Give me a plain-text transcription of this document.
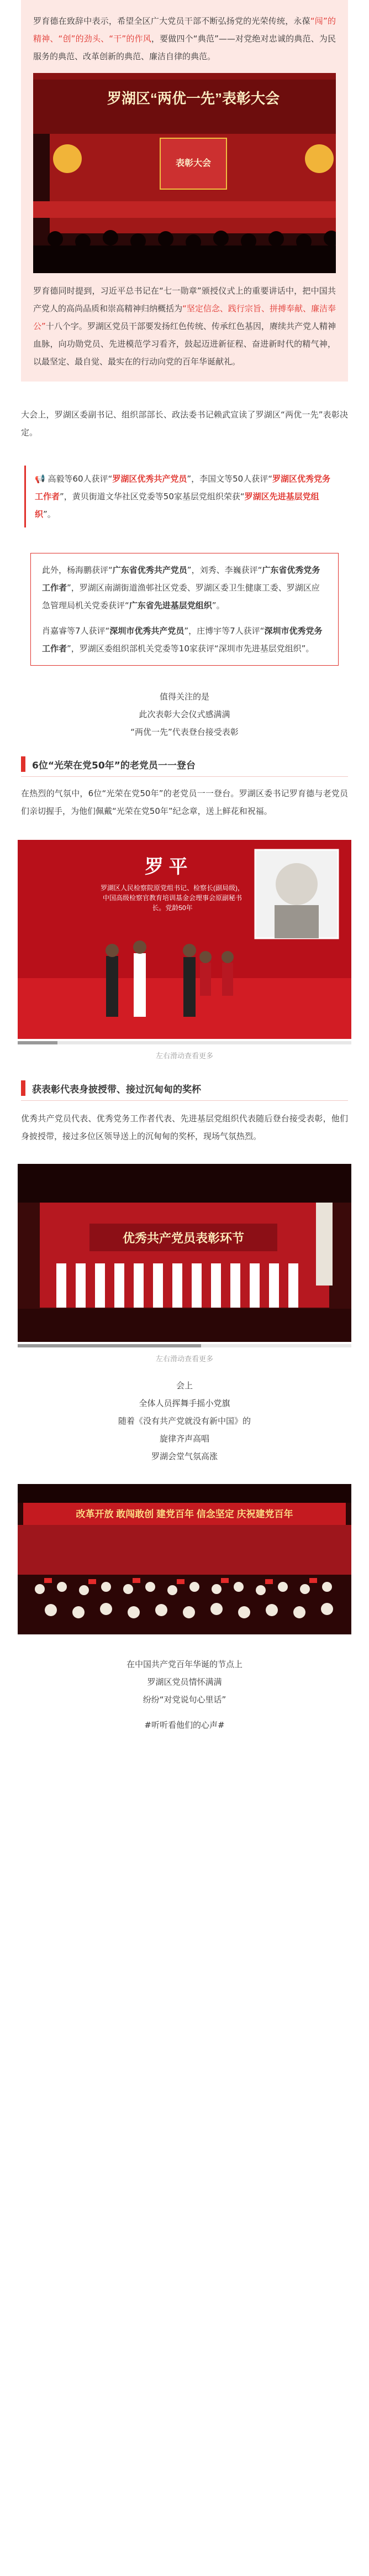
罗育德在致辞中表示，希望全区广大党员干部不断弘扬党的光荣传统，永葆“闯”的精神、“创”的劲头、“干”的作风，要做四个“典范”——对党绝对忠诚的典范、为民服务的典范、改革创新的典范、廉洁自律的典范。

罗湖区“两优一先”表彰大会
表彰大会

罗育德同时提到，习近平总书记在“七一勋章”颁授仪式上的重要讲话中，把中国共产党人的高尚品质和崇高精神归纳概括为“坚定信念、践行宗旨、拼搏奉献、廉洁奉公”十八个字。罗湖区党员干部要发扬红色传统、传承红色基因，赓续共产党人精神血脉，向功勋党员、先进模范学习看齐，鼓起迈进新征程、奋进新时代的精气神，以最坚定、最自觉、最实在的行动向党的百年华诞献礼。

大会上，罗湖区委副书记、组织部部长、政法委书记赖武宣读了罗湖区“两优一先”表彰决定。

📢 高毅等60人获评“罗湖区优秀共产党员”，李国文等50人获评“罗湖区优秀党务工作者”，黄贝街道文华社区党委等50家基层党组织荣获“罗湖区先进基层党组织”。

此外，杨海鹏获评“广东省优秀共产党员”，刘秀、李巍获评“广东省优秀党务工作者”，罗湖区南湖街道渔邨社区党委、罗湖区委卫生健康工委、罗湖区应急管理局机关党委获评“广东省先进基层党组织”。

肖嘉睿等7人获评“深圳市优秀共产党员”，庄博宇等7人获评“深圳市优秀党务工作者”，罗湖区委组织部机关党委等10家获评“深圳市先进基层党组织”。

值得关注的是

此次表彰大会仪式感满满

“两优一先”代表登台接受表彰

6位“光荣在党50年”的老党员一一登台

在热烈的气氛中，6位“光荣在党50年”的老党员一一登台。罗湖区委书记罗育德与老党员们亲切握手，为他们佩戴“光荣在党50年”纪念章，送上鲜花和祝福。

罗 平
罗湖区人民检察院原党组书记、检察长(副局级)，中国高级检察官教育培训基金会理事会原副秘书长。党龄50年
左右滑动查看更多
获表彰代表身披授带、接过沉甸甸的奖杯

优秀共产党员代表、优秀党务工作者代表、先进基层党组织代表随后登台接受表彰，他们身披授带，接过多位区领导送上的沉甸甸的奖杯，现场气氛热烈。

优秀共产党员表彰环节
左右滑动查看更多

会上

全体人员挥舞手摇小党旗

随着《没有共产党就没有新中国》的

旋律齐声高唱

罗湖会堂气氛高涨

改革开放 敢闯敢创 建党百年 信念坚定 庆祝建党百年

在中国共产党百年华诞的节点上

罗湖区党员情怀满满

纷纷“对党说句心里话”

#听听看他们的心声#
